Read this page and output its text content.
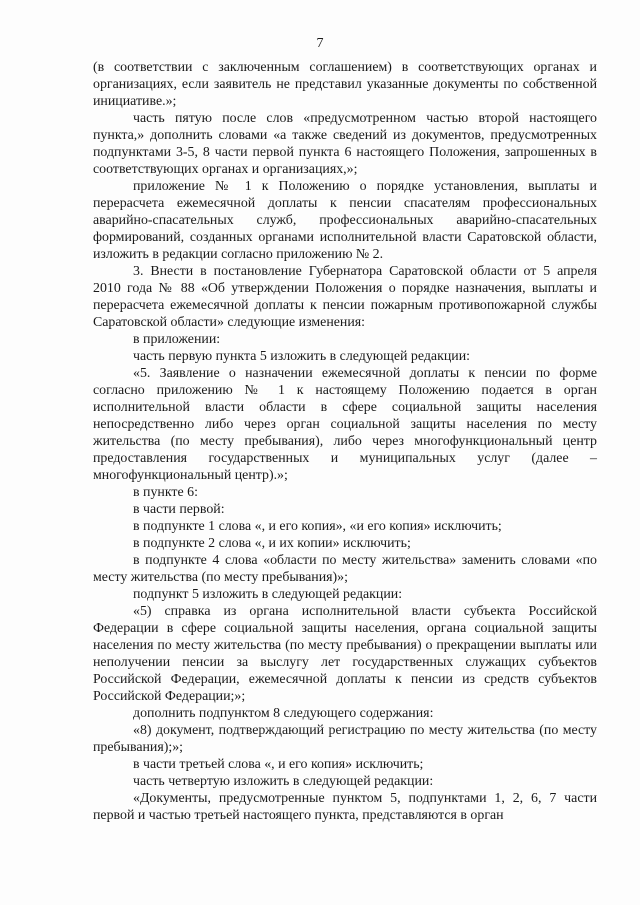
7

(в соответствии с заключенным соглашением) в соответствующих органах и организациях, если заявитель не представил указанные документы по собственной инициативе.»;

часть пятую после слов «предусмотренном частью второй настоящего пункта,» дополнить словами «а также сведений из документов, предусмотренных подпунктами 3-5, 8 части первой пункта 6 настоящего Положения, запрошенных в соответствующих органах и организациях,»;

приложение № 1 к Положению о порядке установления, выплаты и перерасчета ежемесячной доплаты к пенсии спасателям профессиональных аварийно-спасательных служб, профессиональных аварийно-спасательных формирований, созданных органами исполнительной власти Саратовской области, изложить в редакции согласно приложению № 2.

3. Внести в постановление Губернатора Саратовской области от 5 апреля 2010 года № 88 «Об утверждении Положения о порядке назначения, выплаты и перерасчета ежемесячной доплаты к пенсии пожарным противопожарной службы Саратовской области» следующие изменения:

в приложении:

часть первую пункта 5 изложить в следующей редакции:

«5. Заявление о назначении ежемесячной доплаты к пенсии по форме согласно приложению № 1 к настоящему Положению подается в орган исполнительной власти области в сфере социальной защиты населения непосредственно либо через орган социальной защиты населения по месту жительства (по месту пребывания), либо через многофункциональный центр предоставления государственных и муниципальных услуг (далее – многофункциональный центр).»;

в пункте 6:

в части первой:

в подпункте 1 слова «, и его копия», «и его копия» исключить;

в подпункте 2 слова «, и их копии» исключить;

в подпункте 4 слова «области по месту жительства» заменить словами «по месту жительства (по месту пребывания)»;

подпункт 5 изложить в следующей редакции:

«5) справка из органа исполнительной власти субъекта Российской Федерации в сфере социальной защиты населения, органа социальной защиты населения по месту жительства (по месту пребывания) о прекращении выплаты или неполучении пенсии за выслугу лет государственных служащих субъектов Российской Федерации, ежемесячной доплаты к пенсии из средств субъектов Российской Федерации;»;

дополнить подпунктом 8 следующего содержания:

«8) документ, подтверждающий регистрацию по месту жительства (по месту пребывания);»;

в части третьей слова «, и его копия» исключить;

часть четвертую изложить в следующей редакции:

«Документы, предусмотренные пунктом 5, подпунктами 1, 2, 6, 7 части первой и частью третьей настоящего пункта, представляются в орган
